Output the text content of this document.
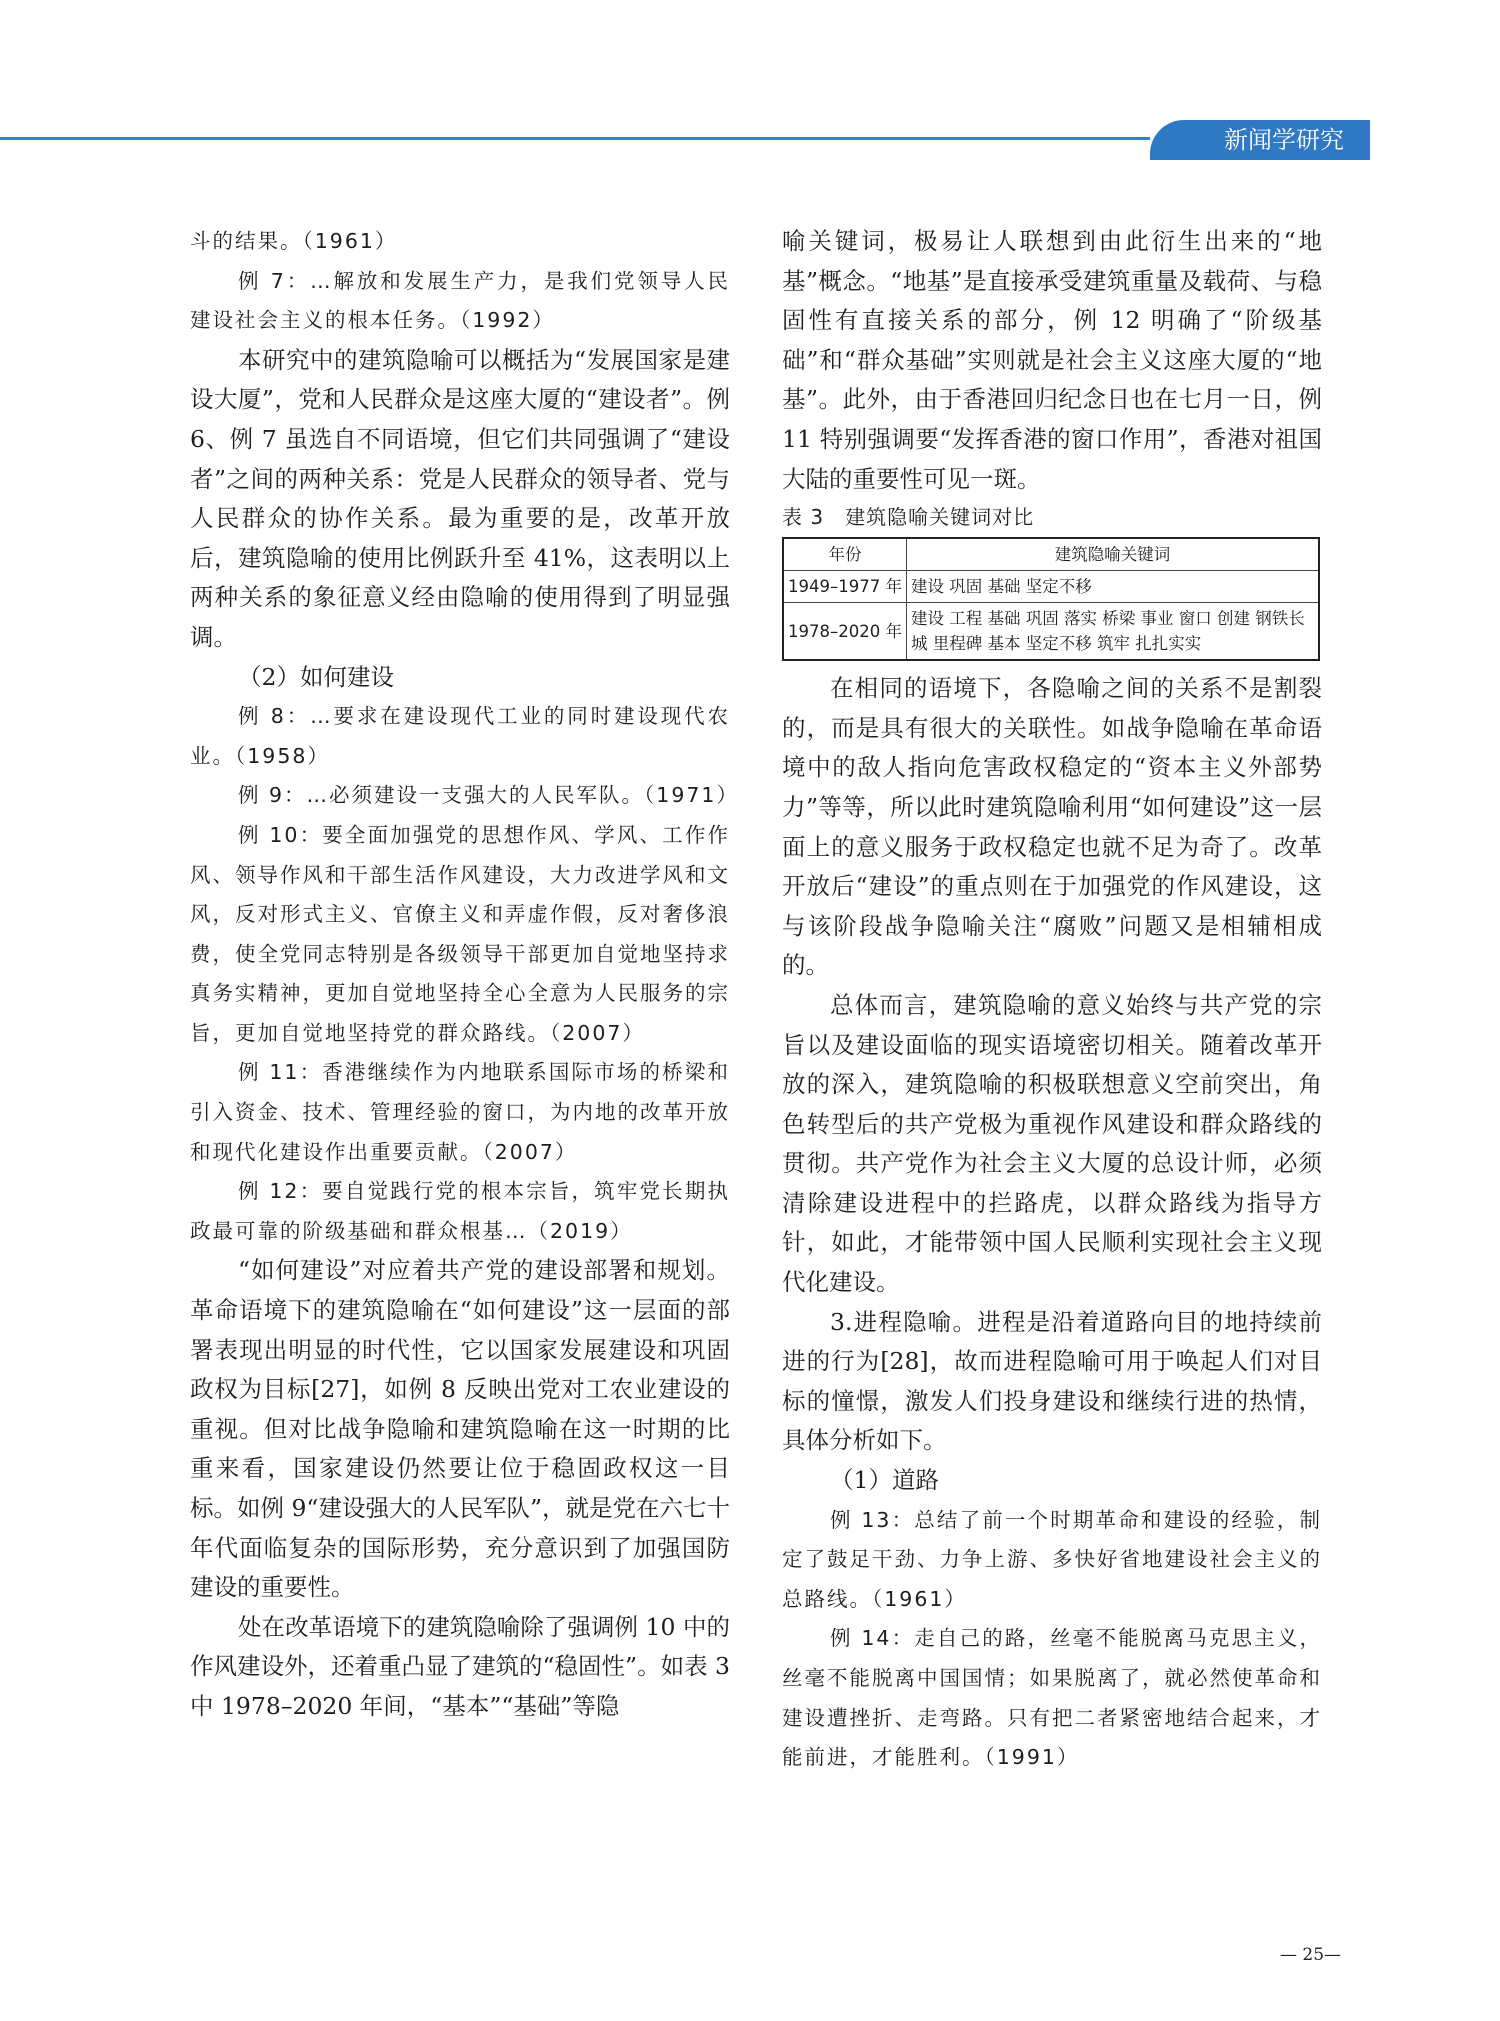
新闻学研究

斗的结果。（1961）

例 7：…解放和发展生产力，是我们党领导人民建设社会主义的根本任务。（1992）

本研究中的建筑隐喻可以概括为“发展国家是建设大厦”，党和人民群众是这座大厦的“建设者”。例 6、例 7 虽选自不同语境，但它们共同强调了“建设者”之间的两种关系：党是人民群众的领导者、党与人民群众的协作关系。最为重要的是，改革开放后，建筑隐喻的使用比例跃升至 41%，这表明以上两种关系的象征意义经由隐喻的使用得到了明显强调。

（2）如何建设

例 8：…要求在建设现代工业的同时建设现代农业。（1958）

例 9：…必须建设一支强大的人民军队。（1971）

例 10：要全面加强党的思想作风、学风、工作作风、领导作风和干部生活作风建设，大力改进学风和文风，反对形式主义、官僚主义和弄虚作假，反对奢侈浪费，使全党同志特别是各级领导干部更加自觉地坚持求真务实精神，更加自觉地坚持全心全意为人民服务的宗旨，更加自觉地坚持党的群众路线。（2007）

例 11：香港继续作为内地联系国际市场的桥梁和引入资金、技术、管理经验的窗口，为内地的改革开放和现代化建设作出重要贡献。（2007）

例 12：要自觉践行党的根本宗旨，筑牢党长期执政最可靠的阶级基础和群众根基…（2019）

“如何建设”对应着共产党的建设部署和规划。革命语境下的建筑隐喻在“如何建设”这一层面的部署表现出明显的时代性，它以国家发展建设和巩固政权为目标[27]，如例 8 反映出党对工农业建设的重视。但对比战争隐喻和建筑隐喻在这一时期的比重来看，国家建设仍然要让位于稳固政权这一目标。如例 9“建设强大的人民军队”，就是党在六七十年代面临复杂的国际形势，充分意识到了加强国防建设的重要性。

处在改革语境下的建筑隐喻除了强调例 10 中的作风建设外，还着重凸显了建筑的“稳固性”。如表 3 中 1978–2020 年间，“基本”“基础”等隐

喻关键词，极易让人联想到由此衍生出来的“地基”概念。“地基”是直接承受建筑重量及载荷、与稳固性有直接关系的部分，例 12 明确了“阶级基础”和“群众基础”实则就是社会主义这座大厦的“地基”。此外，由于香港回归纪念日也在七月一日，例 11 特别强调要“发挥香港的窗口作用”，香港对祖国大陆的重要性可见一斑。

表 3　建筑隐喻关键词对比
年份	建筑隐喻关键词
1949–1977 年	建设 巩固 基础 坚定不移
1978–2020 年	建设 工程 基础 巩固 落实 桥梁 事业 窗口 创建 钢铁长城 里程碑 基本 坚定不移 筑牢 扎扎实实

在相同的语境下，各隐喻之间的关系不是割裂的，而是具有很大的关联性。如战争隐喻在革命语境中的敌人指向危害政权稳定的“资本主义外部势力”等等，所以此时建筑隐喻利用“如何建设”这一层面上的意义服务于政权稳定也就不足为奇了。改革开放后“建设”的重点则在于加强党的作风建设，这与该阶段战争隐喻关注“腐败”问题又是相辅相成的。

总体而言，建筑隐喻的意义始终与共产党的宗旨以及建设面临的现实语境密切相关。随着改革开放的深入，建筑隐喻的积极联想意义空前突出，角色转型后的共产党极为重视作风建设和群众路线的贯彻。共产党作为社会主义大厦的总设计师，必须清除建设进程中的拦路虎，以群众路线为指导方针，如此，才能带领中国人民顺利实现社会主义现代化建设。

3.进程隐喻。进程是沿着道路向目的地持续前进的行为[28]，故而进程隐喻可用于唤起人们对目标的憧憬，激发人们投身建设和继续行进的热情，具体分析如下。

（1）道路

例 13：总结了前一个时期革命和建设的经验，制定了鼓足干劲、力争上游、多快好省地建设社会主义的总路线。（1961）

例 14：走自己的路，丝毫不能脱离马克思主义，丝毫不能脱离中国国情；如果脱离了，就必然使革命和建设遭挫折、走弯路。只有把二者紧密地结合起来，才能前进，才能胜利。（1991）

— 25—
